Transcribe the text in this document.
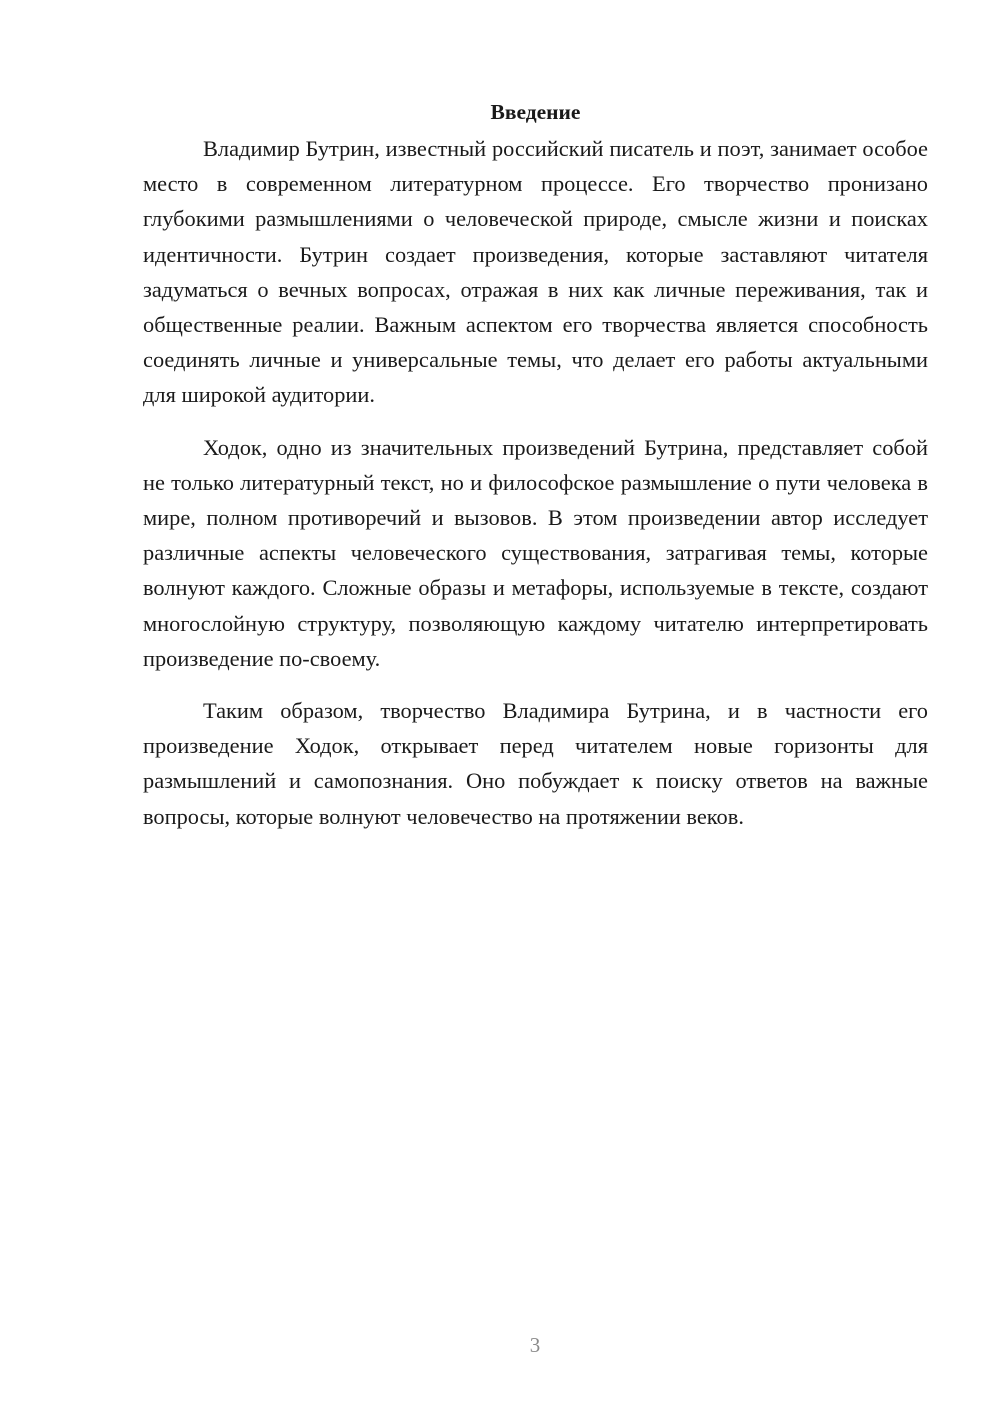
Введение

Владимир Бутрин, известный российский писатель и поэт, занимает особое место в современном литературном процессе. Его творчество пронизано глубокими размышлениями о человеческой природе, смысле жизни и поисках идентичности. Бутрин создает произведения, которые заставляют читателя задуматься о вечных вопросах, отражая в них как личные переживания, так и общественные реалии. Важным аспектом его творчества является способность соединять личные и универсальные темы, что делает его работы актуальными для широкой аудитории.

Ходок, одно из значительных произведений Бутрина, представляет собой не только литературный текст, но и философское размышление о пути человека в мире, полном противоречий и вызовов. В этом произведении автор исследует различные аспекты человеческого существования, затрагивая темы, которые волнуют каждого. Сложные образы и метафоры, используемые в тексте, создают многослойную структуру, позволяющую каждому читателю интерпретировать произведение по-своему.

Таким образом, творчество Владимира Бутрина, и в частности его произведение Ходок, открывает перед читателем новые горизонты для размышлений и самопознания. Оно побуждает к поиску ответов на важные вопросы, которые волнуют человечество на протяжении веков.

3
